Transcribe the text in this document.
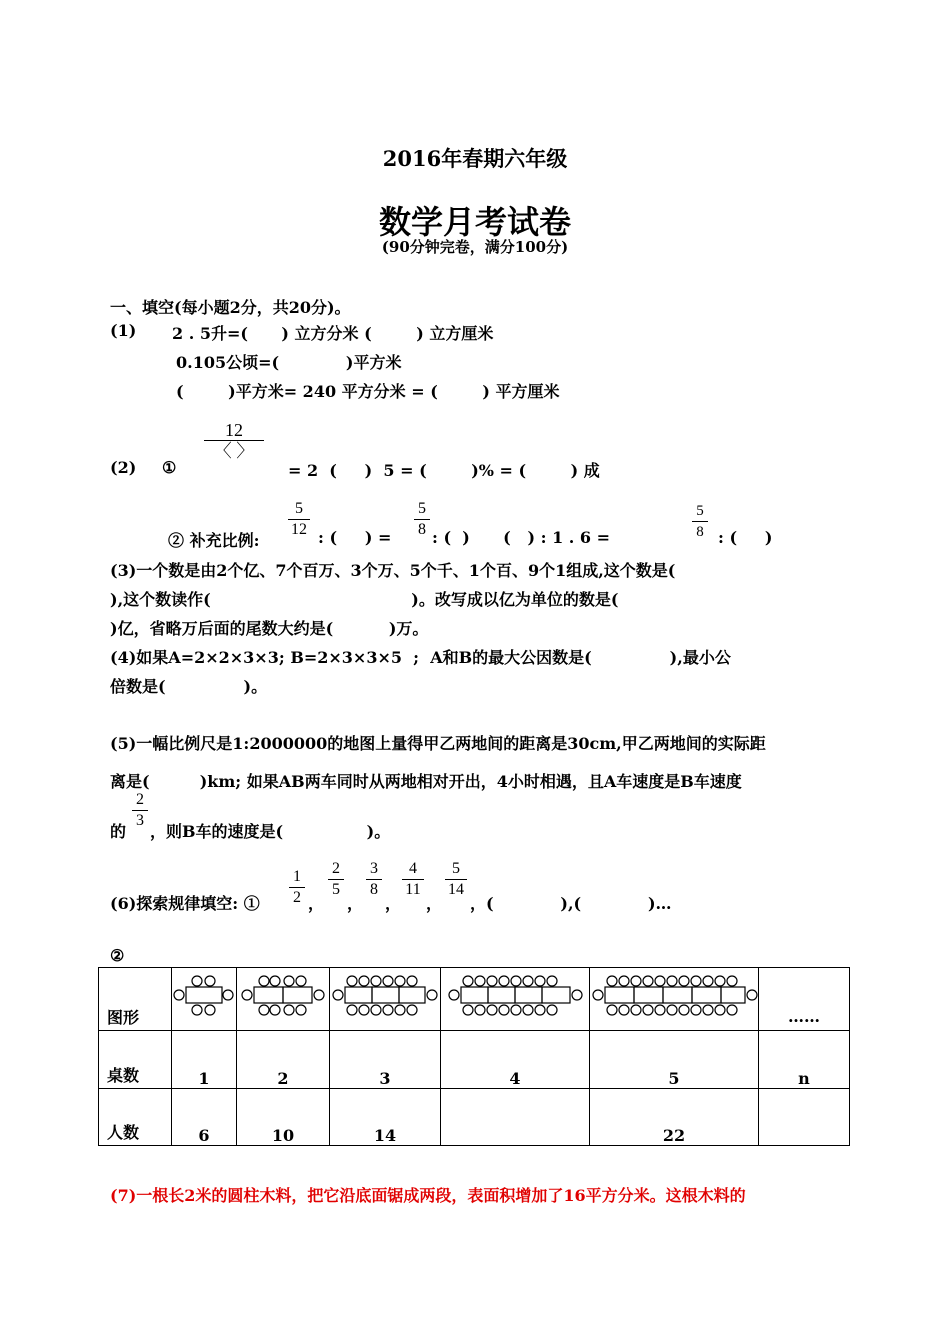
2016年春期六年级
数学月考试卷
(90分钟完卷，满分100分)
一、填空(每小题2分，共20分)。
(1) 2 . 5升=(      ) 立方分米 (        ) 立方厘米
0.105公顷=(            )平方米
(        )平方米= 240 平方分米 = (        ) 平方厘米
12
〈 〉
(2) ①	= 2  (     )  5 = (        )% = (        ) 成
② 补充比例:
5
12 : (     ) =
5
8 : (  )      (   ) : 1 . 6 =
5
8 : (     )
(3)一个数是由2个亿、7个百万、3个万、5个千、1个百、9个1组成,这个数是(
),这个数读作(                                    )。改写成以亿为单位的数是(
)亿，省略万后面的尾数大约是(          )万。
(4)如果A=2×2×3×3; B=2×3×3×5  ;  A和B的最大公因数是(              ),最小公
倍数是(              )。
(5)一幅比例尺是1:2000000的地图上量得甲乙两地间的距离是30cm,甲乙两地间的实际距
离是(         )km; 如果AB两车同时从两地相对开出，4小时相遇，且A车速度是B车速度
的
2
3
，则B车的速度是(               )。
(6)探索规律填空: ①
1
2 ，
2
5
，
3
8
，
4
11
，
5
14
，(            ),(            )…
②
图形						……
桌数	1	2	3	4	5	n
人数	6	10	14		22	
(7)一根长2米的圆柱木料，把它沿底面锯成两段，表面积增加了16平方分米。这根木料的
